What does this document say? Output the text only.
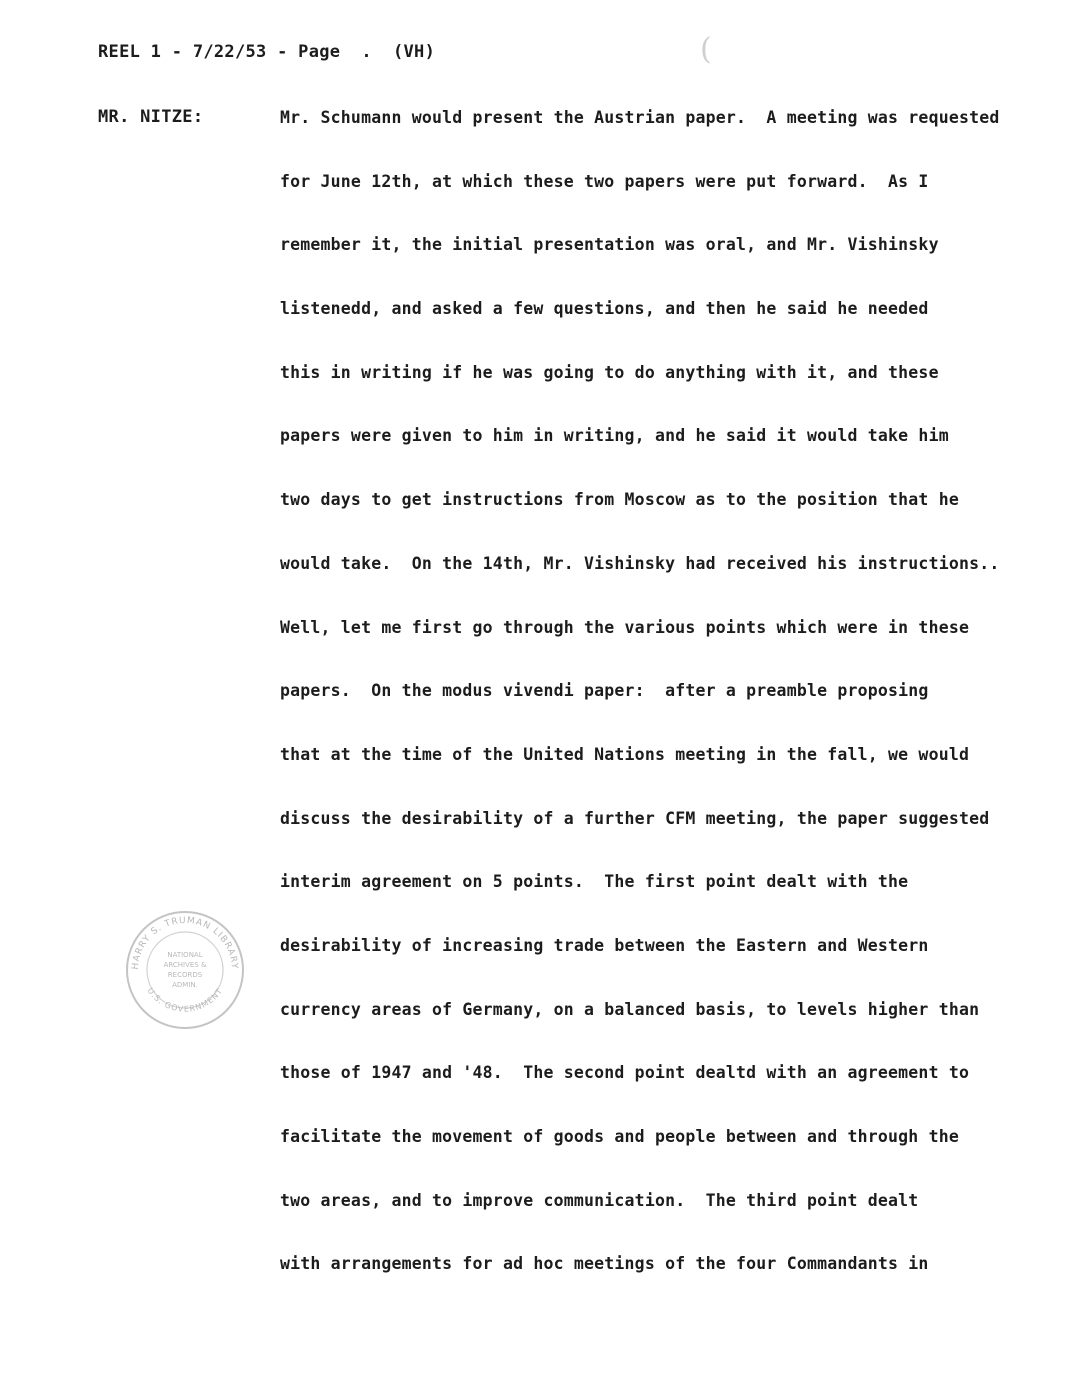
REEL 1 - 7/22/53 - Page  .  (VH)	(
MR. NITZE:	Mr. Schumann would present the Austrian paper.  A meeting was requested
for June 12th, at which these two papers were put forward.  As I
remember it, the initial presentation was oral, and Mr. Vishinsky
listenedd, and asked a few questions, and then he said he needed
this in writing if he was going to do anything with it, and these
papers were given to him in writing, and he said it would take him
two days to get instructions from Moscow as to the position that he
would take.  On the 14th, Mr. Vishinsky had received his instructions..
Well, let me first go through the various points which were in these
papers.  On the modus vivendi paper:  after a preamble proposing
that at the time of the United Nations meeting in the fall, we would
discuss the desirability of a further CFM meeting, the paper suggested
interim agreement on 5 points.  The first point dealt with the
desirability of increasing trade between the Eastern and Western
currency areas of Germany, on a balanced basis, to levels higher than
those of 1947 and '48.  The second point dealtd with an agreement to
facilitate the movement of goods and people between and through the
two areas, and to improve communication.  The third point dealt
with arrangements for ad hoc meetings of the four Commandants in
HARRY S. TRUMAN LIBRARY
U.S. GOVERNMENT
NATIONAL
ARCHIVES &
RECORDS
ADMIN.
